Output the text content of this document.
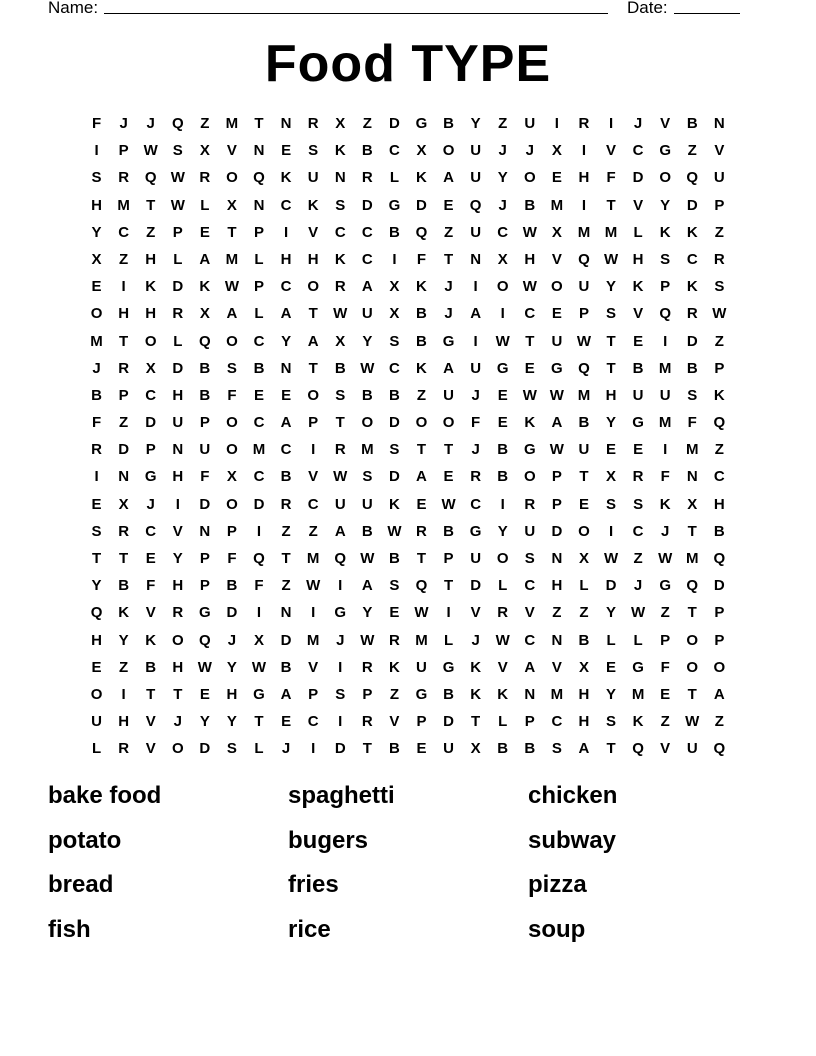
Name:	Date:
Food TYPE
F	J	J	Q	Z	M	T	N	R	X	Z	D	G	B	Y	Z	U	I	R	I	J	V	B	N
I	P W S	X	V	N	E	S	K	B	C	X	O	U	J	J	X	I	V	C	G	Z	V
S	R	Q W R	O	Q	K	U	N	R	L	K	A	U	Y	O	E	H	F	D	O	Q	U
H	M	T	W	L	X	N	C	K	S	D	G	D	E	Q	J	B	M	I	T	V	Y	D	P
Y	C	Z	P	E	T	P	I	V	C	C	B	Q	Z	U	C W X	M M	L	K	K	Z
X	Z	H	L	A	M	L	H	H	K	C	I	F	T	N	X	H	V	Q W H	S	C	R
E	I	K	D	K W P	C	O	R	A	X	K	J	I	O W O	U	Y	K	P	K	S
O	H	H	R	X	A	L	A	T	W U	X	B	J	A	I	C	E	P	S	V	Q	R W
M	T	O	L	Q	O	C	Y	A	X	Y	S	B	G	I	W	T	U W	T	E	I	D	Z
J	R	X	D	B	S	B	N	T	B W C	K	A	U	G	E	G	Q	T	B	M	B	P
B	P	C	H	B	F	E	E	O	S	B	B	Z	U	J	E W W M	H	U	U	S	K
F	Z	D	U	P	O	C	A	P	T	O	D	O	O	F	E	K	A	B	Y	G M	F	Q
R	D	P	N	U	O M	C	I	R	M	S	T	T	J	B	G W U	E	E	I	M	Z
I	N	G	H	F	X	C	B	V W S	D	A	E	R	B	O	P	T	X	R	F	N	C
E	X	J	I	D	O	D	R	C	U	U	K	E W C	I	R	P	E	S	S	K	X	H
S	R	C	V	N	P	I	Z	Z	A	B W R	B	G	Y	U	D	O	I	C	J	T	B
T	T	E	Y	P	F	Q	T	M	Q W B	T	P	U	O	S	N	X W	Z	W M	Q
Y	B	F	H	P	B	F	Z	W	I	A	S	Q	T	D	L	C	H	L	D	J	G	Q	D
Q	K	V	R	G	D	I	N	I	G	Y	E W	I	V	R	V	Z	Z	Y W	Z	T	P
H	Y	K	O	Q	J	X	D	M	J	W R	M	L	J	W C	N	B	L	L	P	O	P
E	Z	B	H W Y W B	V	I	R	K	U	G	K	V	A	V	X	E	G	F	O	O
O	I	T	T	E	H	G	A	P	S	P	Z	G	B	K	K	N	M	H	Y	M	E	T	A
U	H	V	J	Y	Y	T	E	C	I	R	V	P	D	T	L	P	C	H	S	K	Z	W	Z
L	R	V	O	D	S	L	J	I	D	T	B	E	U	X	B	B	S	A	T	Q	V	U	Q
bake food	spaghetti	chicken
potato	bugers	subway
bread	fries	pizza
fish	rice	soup
